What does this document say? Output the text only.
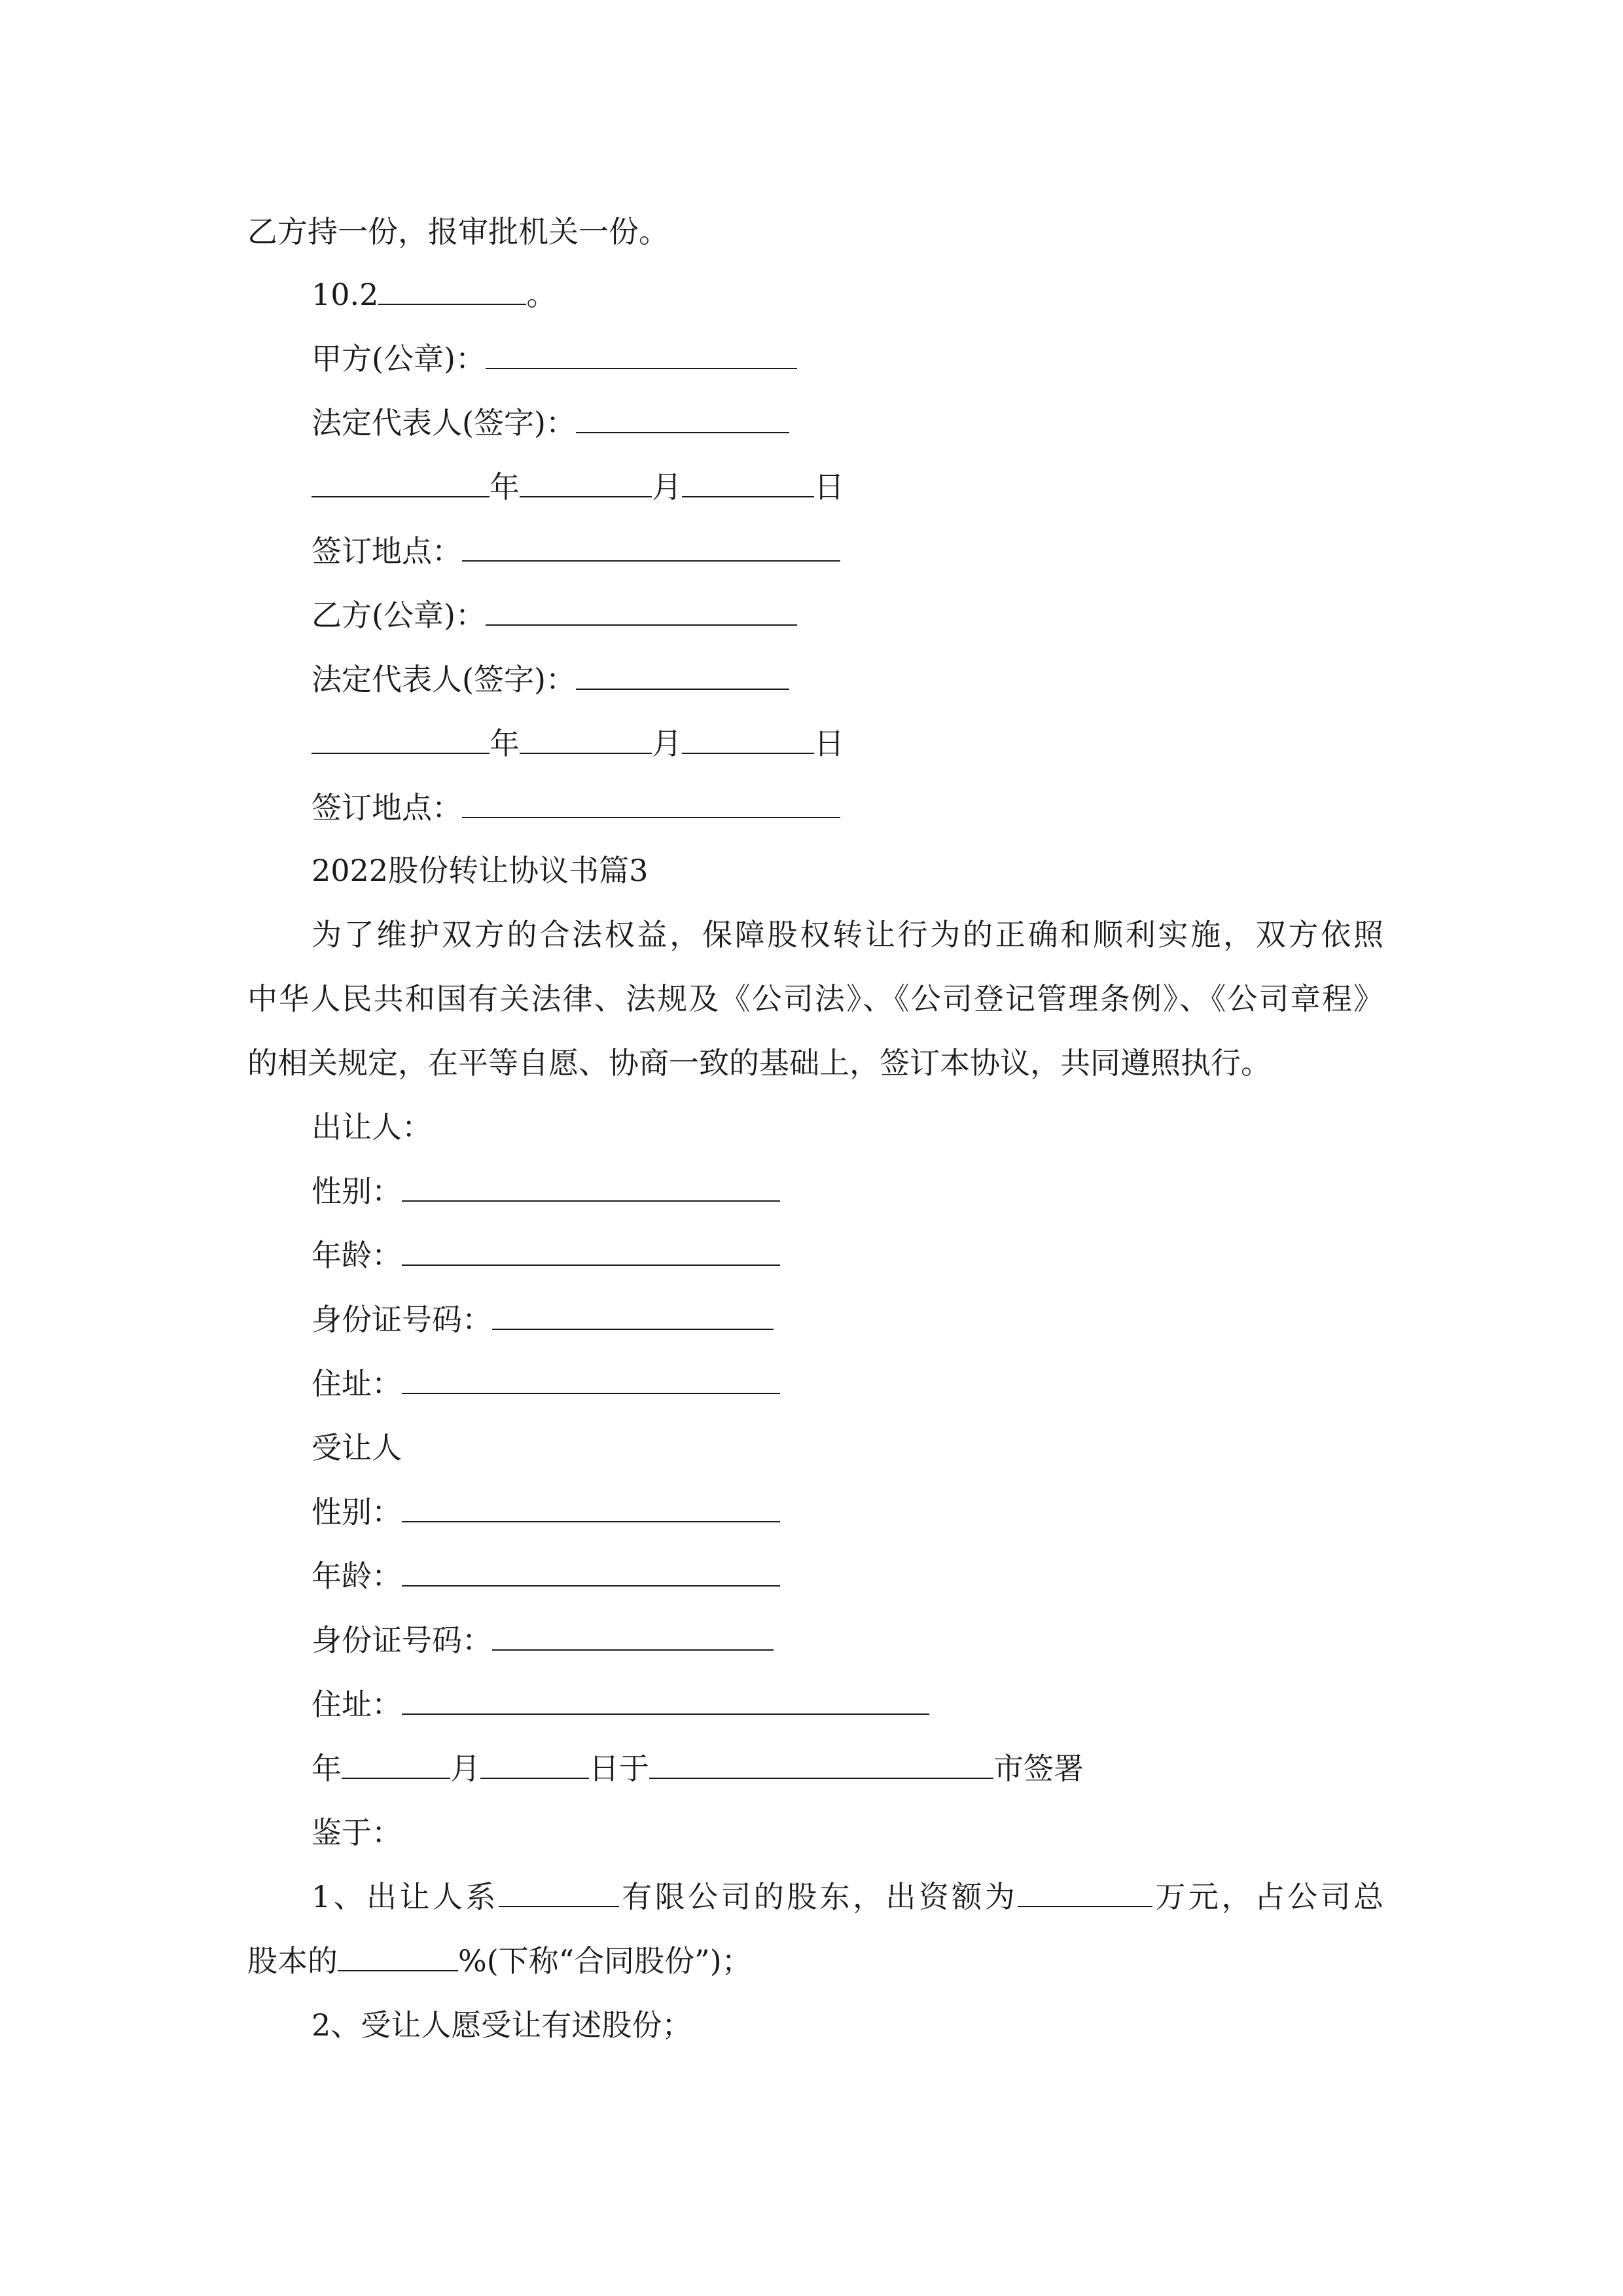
乙方持一份，报审批机关一份。
10.2	。
甲方(公章)：
法定代表人(签字)：
年	月	日
签订地点：
乙方(公章)：
法定代表人(签字)：
年	月	日
签订地点：
2022股份转让协议书篇3
为了维护双方的合法权益，保障股权转让行为的正确和顺利实施，双方依照
中华人民共和国有关法律、法规及《公司法》、《公司登记管理条例》、《公司章程》
的相关规定，在平等自愿、协商一致的基础上，签订本协议，共同遵照执行。
出让人：
性别：
年龄：
身份证号码：
住址：
受让人
性别：
年龄：
身份证号码：
住址：
年	月	日于	市签署
鉴于：
1、出让人系	有限公司的股东，出资额为	万元，占公司总
股本的	%(下称“合同股份”)；
2、受让人愿受让有述股份；
